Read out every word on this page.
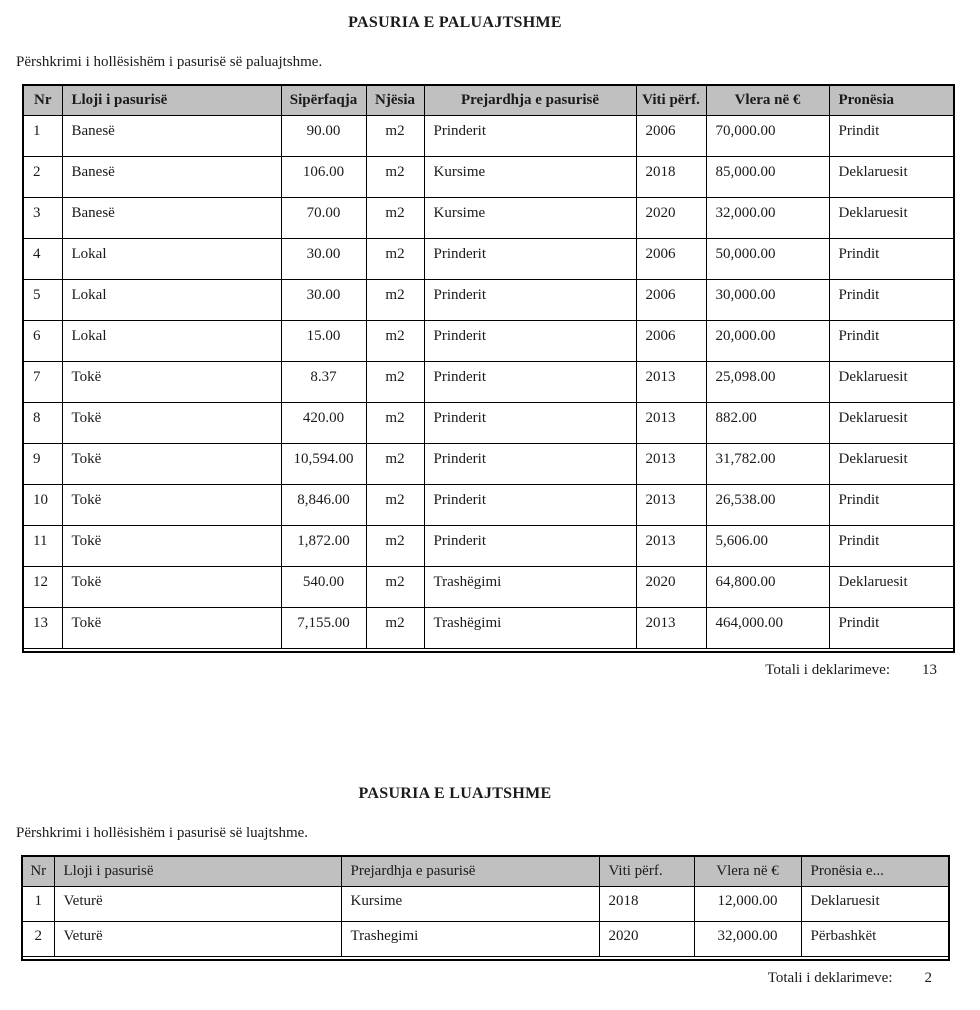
PASURIA E PALUAJTSHME
Përshkrimi i hollësishëm i pasurisë së paluajtshme.
Nr	Lloji i pasurisë	Sipërfaqja	Njësia	Prejardhja e pasurisë	Viti përf.	Vlera në €	Pronësia
1	Banesë	90.00	m2	Prinderit	2006	70,000.00	Prindit
2	Banesë	106.00	m2	Kursime	2018	85,000.00	Deklaruesit
3	Banesë	70.00	m2	Kursime	2020	32,000.00	Deklaruesit
4	Lokal	30.00	m2	Prinderit	2006	50,000.00	Prindit
5	Lokal	30.00	m2	Prinderit	2006	30,000.00	Prindit
6	Lokal	15.00	m2	Prinderit	2006	20,000.00	Prindit
7	Tokë	8.37	m2	Prinderit	2013	25,098.00	Deklaruesit
8	Tokë	420.00	m2	Prinderit	2013	882.00	Deklaruesit
9	Tokë	10,594.00	m2	Prinderit	2013	31,782.00	Deklaruesit
10	Tokë	8,846.00	m2	Prinderit	2013	26,538.00	Prindit
11	Tokë	1,872.00	m2	Prinderit	2013	5,606.00	Prindit
12	Tokë	540.00	m2	Trashëgimi	2020	64,800.00	Deklaruesit
13	Tokë	7,155.00	m2	Trashëgimi	2013	464,000.00	Prindit

Totali i deklarimeve: 13
PASURIA E LUAJTSHME
Përshkrimi i hollësishëm i pasurisë së luajtshme.
Nr	Lloji i pasurisë	Prejardhja e pasurisë	Viti përf.	Vlera në €	Pronësia e...
1	Veturë	Kursime	2018	12,000.00	Deklaruesit
2	Veturë	Trashegimi	2020	32,000.00	Përbashkët

Totali i deklarimeve: 2
